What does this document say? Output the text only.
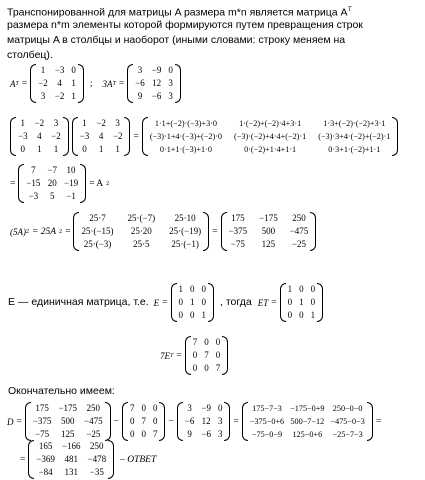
Транспонированной для матрицы A размера m*n является матрица $A^T$
размера n*m элементы которой формируются путем превращения строк
матрицы A в столбцы и наоборот (иными словами: строку меняем на
столбец).
A T =
1 −3 0
−2 4 1
3 −2 1
;	3A T =
3 −9 0
−6 12 3
9 −6 3
1 −2 3
−3 4 −2
0 1 1
1 −2 3
−3 4 −2
0 1 1
=
1·1+(−2)·(−3)+3·0	1·(−2)+(−2)·4+3·1	1·3+(−2)·(−2)+3·1
(−3)·1+4·(−3)+(−2)·0 (−3)·(−2)+4·4+(−2)·1 (−3)·3+4·(−2)+(−2)·1
0·1+1·(−3)+1·0	0·(−2)+1·4+1·1	0·3+1·(−2)+1·1
=
7	−7 10
−15 20 −19
−3 5 −1
= A 2
(5A) 2 = 25A 2 =
25·7	25·(−7)	25·10
25·(−15)	25·20	25·(−19)
25·(−3)	25·5	25·(−1)
=
175 −175 250
−375 500 −475
−75 125 −25
E — единичная матрица, т.е. E =
1 0 0
0 1 0
0 0 1
, тогда E T =
1 0 0
0 1 0
0 0 1
7E T =
7 0 0
0 7 0
0 0 7
Окончательно имеем:
D =
175 −175 250
−375 500 −475
−75 125 −25
−
7 0 0
0 7 0
0 0 7
−
3 −9 0
−6 12 3
9 −6 3
=
175−7−3 −175−0+9 250−0−0
−375−0+6 500−7−12 −475−0−3
−75−0−9 125−0+6 −25−7−3
=
=
165 −166 250
−369 481 −478
−84 131 −35
– ОТВЕТ
